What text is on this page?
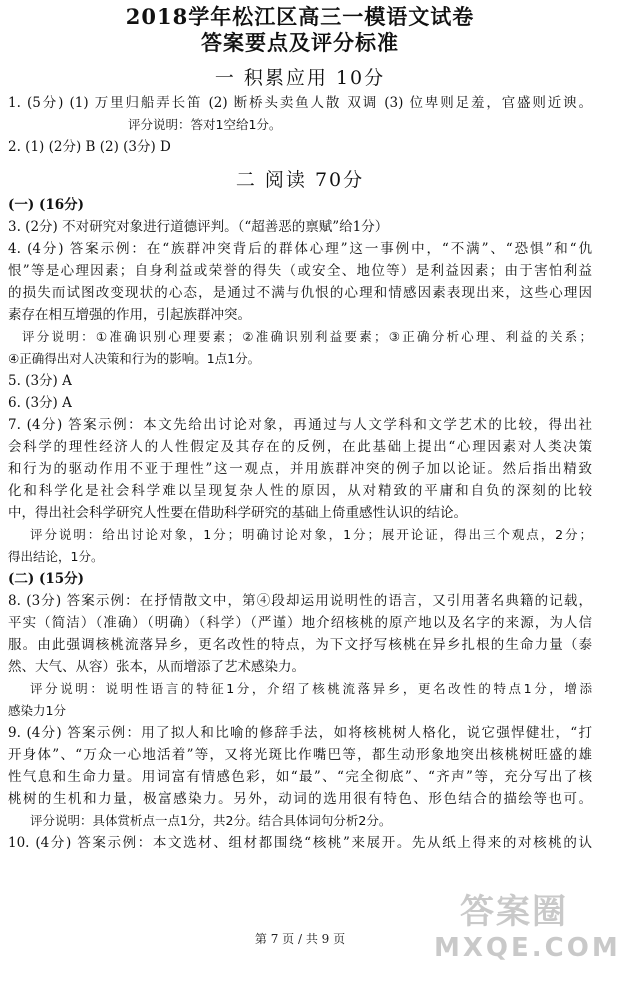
2018学年松江区高三一模语文试卷
答案要点及评分标准
一 积累应用 10分
1. (5分) (1) 万里归船弄长笛 (2) 断桥头卖鱼人散 双调 (3) 位卑则足羞，官盛则近谀。
评分说明：答对1空给1分。
2. (1) (2分) B (2) (3分) D
二 阅读 70分
(一) (16分)
3. (2分) 不对研究对象进行道德评判。（“超善恶的禀赋”给1分）
4. (4分) 答案示例：在“族群冲突背后的群体心理”这一事例中，“不满”、“恐惧”和“仇
恨”等是心理因素；自身利益或荣誉的得失（或安全、地位等）是利益因素；由于害怕利益
的损失而试图改变现状的心态，是通过不满与仇恨的心理和情感因素表现出来，这些心理因
素存在相互增强的作用，引起族群冲突。
评分说明：①准确识别心理要素；②准确识别利益要素；③正确分析心理、利益的关系；
④正确得出对人决策和行为的影响。1点1分。
5. (3分) A
6. (3分) A
7. (4分) 答案示例：本文先给出讨论对象，再通过与人文学科和文学艺术的比较，得出社
会科学的理性经济人的人性假定及其存在的反例，在此基础上提出“心理因素对人类决策
和行为的驱动作用不亚于理性”这一观点，并用族群冲突的例子加以论证。然后指出精致
化和科学化是社会科学难以呈现复杂人性的原因，从对精致的平庸和自负的深刻的比较
中，得出社会科学研究人性要在借助科学研究的基础上倚重感性认识的结论。
评分说明：给出讨论对象，1分；明确讨论对象，1分；展开论证，得出三个观点，2分；
得出结论，1分。
(二) (15分)
8. (3分) 答案示例：在抒情散文中，第④段却运用说明性的语言，又引用著名典籍的记载，
平实（简洁）（准确）（明确）（科学）（严谨）地介绍核桃的原产地以及名字的来源，为人信
服。由此强调核桃流落异乡，更名改性的特点，为下文抒写核桃在异乡扎根的生命力量（泰
然、大气、从容）张本，从而增添了艺术感染力。
评分说明：说明性语言的特征1分，介绍了核桃流落异乡，更名改性的特点1分，增添
感染力1分
9. (4分) 答案示例：用了拟人和比喻的修辞手法，如将核桃树人格化，说它强悍健壮，“打
开身体”、“万众一心地活着”等，又将光斑比作嘴巴等，都生动形象地突出核桃树旺盛的雄
性气息和生命力量。用词富有情感色彩，如“最”、“完全彻底”、“齐声”等，充分写出了核
桃树的生机和力量，极富感染力。另外，动词的选用很有特色、形色结合的描绘等也可。
评分说明：具体赏析点一点1分，共2分。结合具体词句分析2分。
10. (4分) 答案示例：本文选材、组材都围绕“核桃”来展开。先从纸上得来的对核桃的认
第 7 页 / 共 9 页
答案圈
MXQE.COM
